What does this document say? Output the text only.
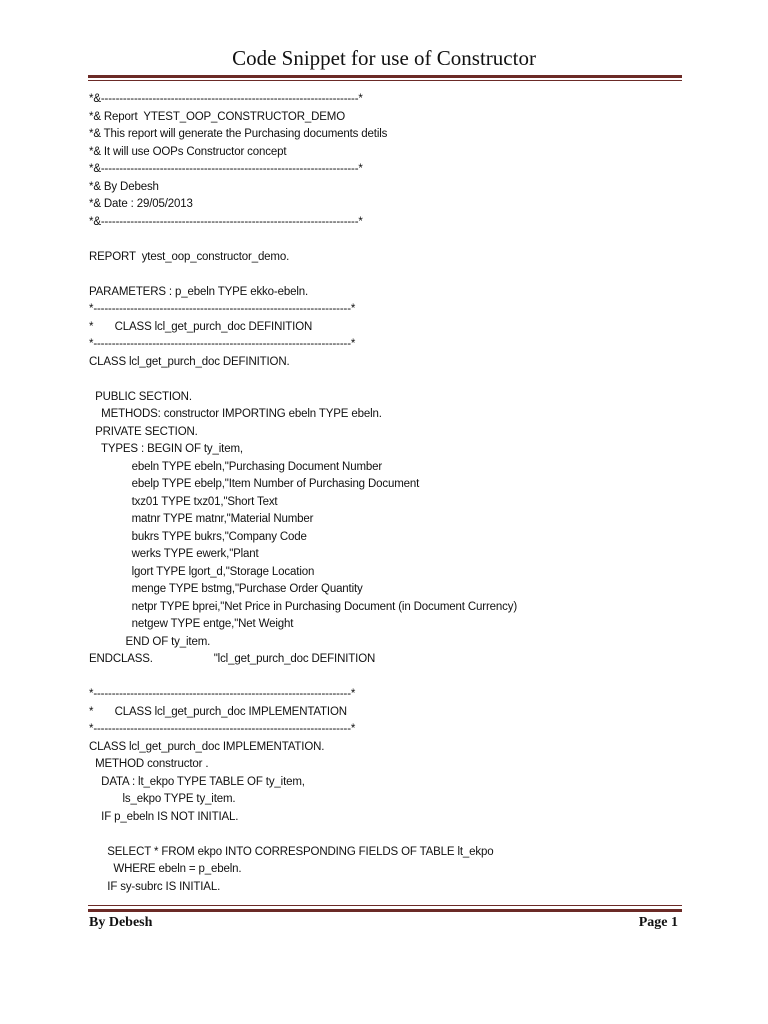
Code Snippet for use of Constructor
*&----------------------------------------------------------------------*
*& Report  YTEST_OOP_CONSTRUCTOR_DEMO
*& This report will generate the Purchasing documents detils
*& It will use OOPs Constructor concept
*&----------------------------------------------------------------------*
*& By Debesh
*& Date : 29/05/2013
*&----------------------------------------------------------------------*
REPORT  ytest_oop_constructor_demo.
PARAMETERS : p_ebeln TYPE ekko-ebeln.
*----------------------------------------------------------------------*
*       CLASS lcl_get_purch_doc DEFINITION
*----------------------------------------------------------------------*
CLASS lcl_get_purch_doc DEFINITION.
PUBLIC SECTION.
METHODS: constructor IMPORTING ebeln TYPE ebeln.
PRIVATE SECTION.
TYPES : BEGIN OF ty_item,
ebeln TYPE ebeln,"Purchasing Document Number
ebelp TYPE ebelp,"Item Number of Purchasing Document
txz01 TYPE txz01,"Short Text
matnr TYPE matnr,"Material Number
bukrs TYPE bukrs,"Company Code
werks TYPE ewerk,"Plant
lgort TYPE lgort_d,"Storage Location
menge TYPE bstmg,"Purchase Order Quantity
netpr TYPE bprei,"Net Price in Purchasing Document (in Document Currency)
netgew TYPE entge,"Net Weight
END OF ty_item.
ENDCLASS.                    "lcl_get_purch_doc DEFINITION
*----------------------------------------------------------------------*
*       CLASS lcl_get_purch_doc IMPLEMENTATION
*----------------------------------------------------------------------*
CLASS lcl_get_purch_doc IMPLEMENTATION.
METHOD constructor .
DATA : lt_ekpo TYPE TABLE OF ty_item,
ls_ekpo TYPE ty_item.
IF p_ebeln IS NOT INITIAL.
SELECT * FROM ekpo INTO CORRESPONDING FIELDS OF TABLE lt_ekpo
WHERE ebeln = p_ebeln.
IF sy-subrc IS INITIAL.
By Debesh	Page 1
